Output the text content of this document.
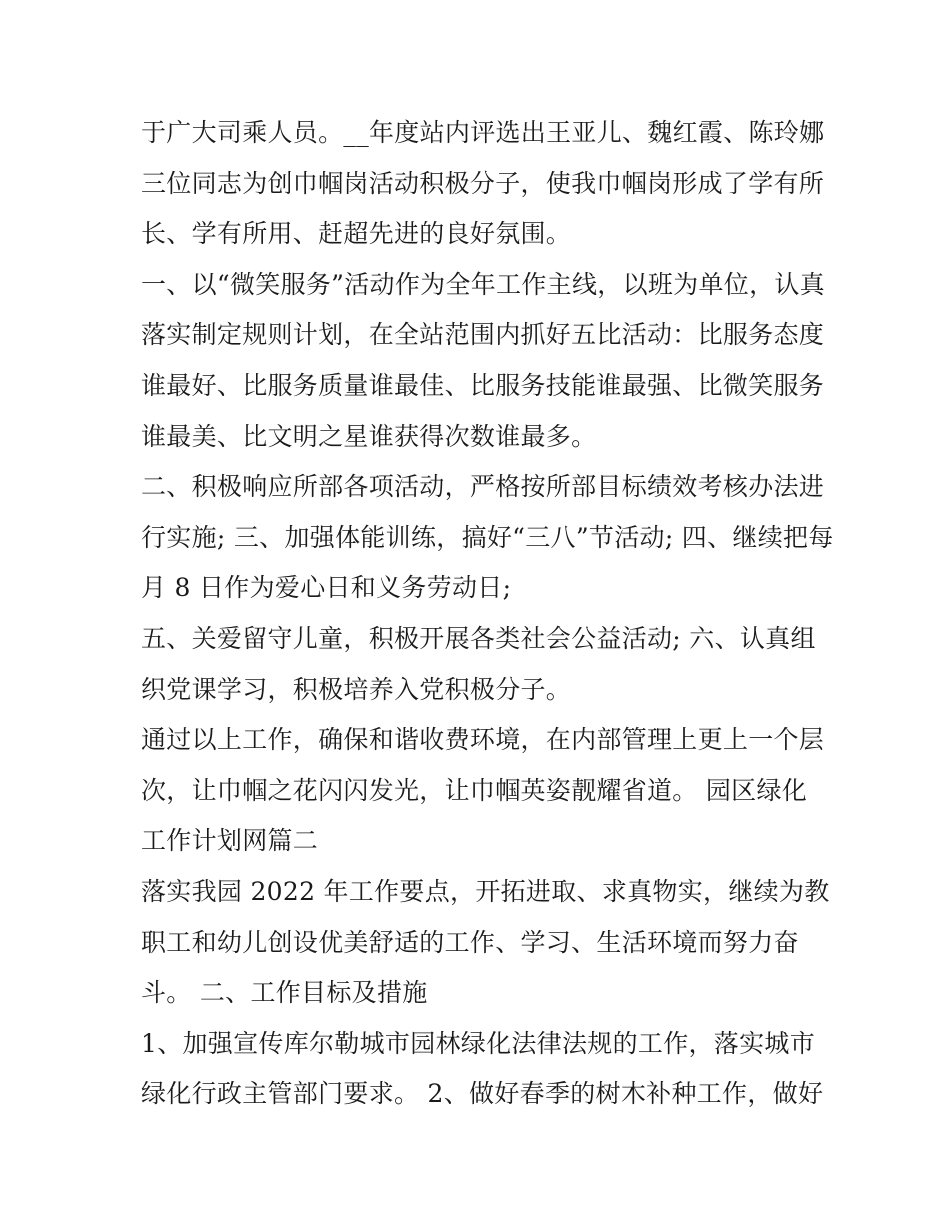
于广大司乘人员。__年度站内评选出王亚儿、魏红霞、陈玲娜
三位同志为创巾帼岗活动积极分子，使我巾帼岗形成了学有所
长、学有所用、赶超先进的良好氛围。
一、以“微笑服务”活动作为全年工作主线，以班为单位，认真
落实制定规则计划，在全站范围内抓好五比活动：比服务态度
谁最好、比服务质量谁最佳、比服务技能谁最强、比微笑服务
谁最美、比文明之星谁获得次数谁最多。
二、积极响应所部各项活动，严格按所部目标绩效考核办法进
行实施; 三、加强体能训练，搞好“三八”节活动; 四、继续把每
月 8 日作为爱心日和义务劳动日;
五、关爱留守儿童，积极开展各类社会公益活动; 六、认真组
织党课学习，积极培养入党积极分子。
通过以上工作，确保和谐收费环境，在内部管理上更上一个层
次，让巾帼之花闪闪发光，让巾帼英姿靓耀省道。 园区绿化
工作计划网篇二
落实我园 2022 年工作要点，开拓进取、求真物实，继续为教
职工和幼儿创设优美舒适的工作、学习、生活环境而努力奋
斗。 二、工作目标及措施
1、加强宣传库尔勒城市园林绿化法律法规的工作，落实城市
绿化行政主管部门要求。 2、做好春季的树木补种工作，做好
